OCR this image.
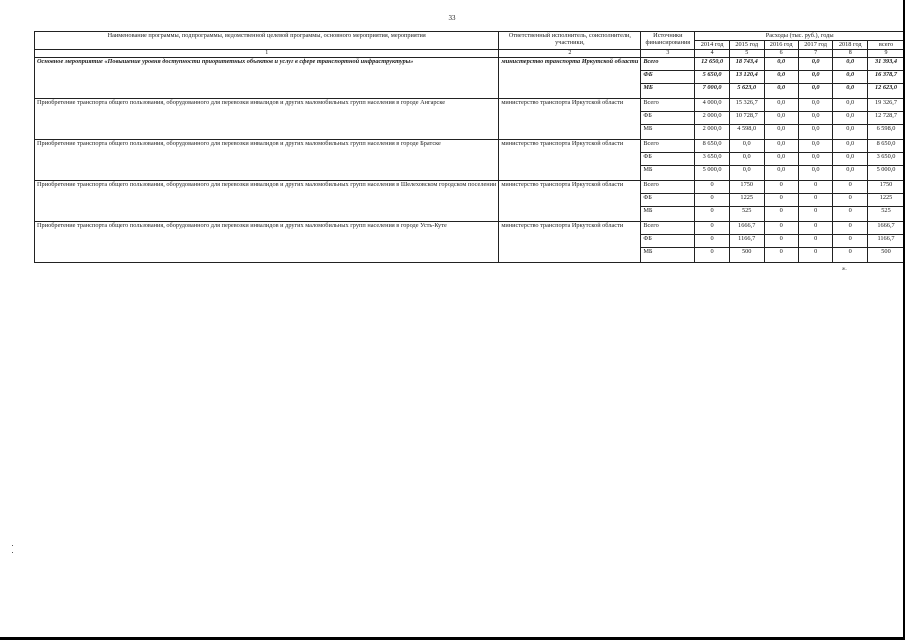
33
Наименование программы, подпрограммы, ведомственной целевой программы, основного мероприятия, мероприятия	Ответственный исполнитель, соисполнители, участники,	Источники финансирования	Расходы (тыс. руб.), годы					
			2014 год	2015 год	2016 год	2017 год	2018 год	всего
1	2	3	4	5	6	7	8	9
Основное мероприятие «Повышение уровня доступности приоритетных объектов и услуг в сфере транспортной инфраструктуры»	министерство транспорта Иркутской области	Всего	12 650,0	18 743,4	0,0	0,0	0,0	31 393,4
		ФБ	5 650,0	13 120,4	0,0	0,0	0,0	16 378,7
		МБ	7 000,0	5 623,0	0,0	0,0	0,0	12 623,0
Приобретение транспорта общего пользования, оборудованного для перевозки инвалидов и других маломобильных групп населения в городе Ангарске	министерство транспорта Иркутской области	Всего	4 000,0	15 326,7	0,0	0,0	0,0	19 326,7
		ФБ	2 000,0	10 728,7	0,0	0,0	0,0	12 728,7
		МБ	2 000,0	4 598,0	0,0	0,0	0,0	6 598,0
Приобретение транспорта общего пользования, оборудованного для перевозки инвалидов и других маломобильных групп населения в городе Братске	министерство транспорта Иркутской области	Всего	8 650,0	0,0	0,0	0,0	0,0	8 650,0
		ФБ	3 650,0	0,0	0,0	0,0	0,0	3 650,0
		МБ	5 000,0	0,0	0,0	0,0	0,0	5 000,0
Приобретение транспорта общего пользования, оборудованного для перевозки инвалидов и других маломобильных групп населения в Шелеховском городском поселении	министерство транспорта Иркутской области	Всего	0	1750	0	0	0	1750
		ФБ	0	1225	0	0	0	1225
		МБ	0	525	0	0	0	525
Приобретение транспорта общего пользования, оборудованного для перевозки инвалидов и других маломобильных групп населения в городе Усть-Куте	министерство транспорта Иркутской области	Всего	0	1666,7	0	0	0	1666,7
		ФБ	0	1166,7	0	0	0	1166,7
		МБ	0	500	0	0	0	500
ж.
